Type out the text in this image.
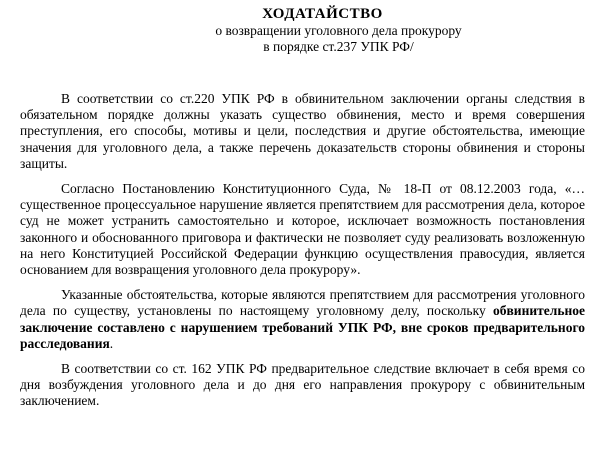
ХОДАТАЙСТВО
о возвращении уголовного дела прокурору
в порядке ст.237 УПК РФ/

В соответствии со ст.220 УПК РФ в обвинительном заключении органы следствия в обязательном порядке должны указать существо обвинения, место и время совершения преступления, его способы, мотивы и цели, последствия и другие обстоятельства, имеющие значения для уголовного дела, а также перечень доказательств стороны обвинения и стороны защиты.

Согласно Постановлению Конституционного Суда, № 18-П от 08.12.2003 года, «…существенное процессуальное нарушение является препятствием для рассмотрения дела, которое суд не может устранить самостоятельно и которое, исключает возможность постановления законного и обоснованного приговора и фактически не позволяет суду реализовать возложенную на него Конституцией Российской Федерации функцию осуществления правосудия, является основанием для возвращения уголовного дела прокурору».

Указанные обстоятельства, которые являются препятствием для рассмотрения уголовного дела по существу, установлены по настоящему уголовному делу, поскольку обвинительное заключение составлено с нарушением требований УПК РФ, вне сроков предварительного расследования.

В соответствии со ст. 162 УПК РФ предварительное следствие включает в себя время со дня возбуждения уголовного дела и до дня его направления прокурору с обвинительным заключением.
